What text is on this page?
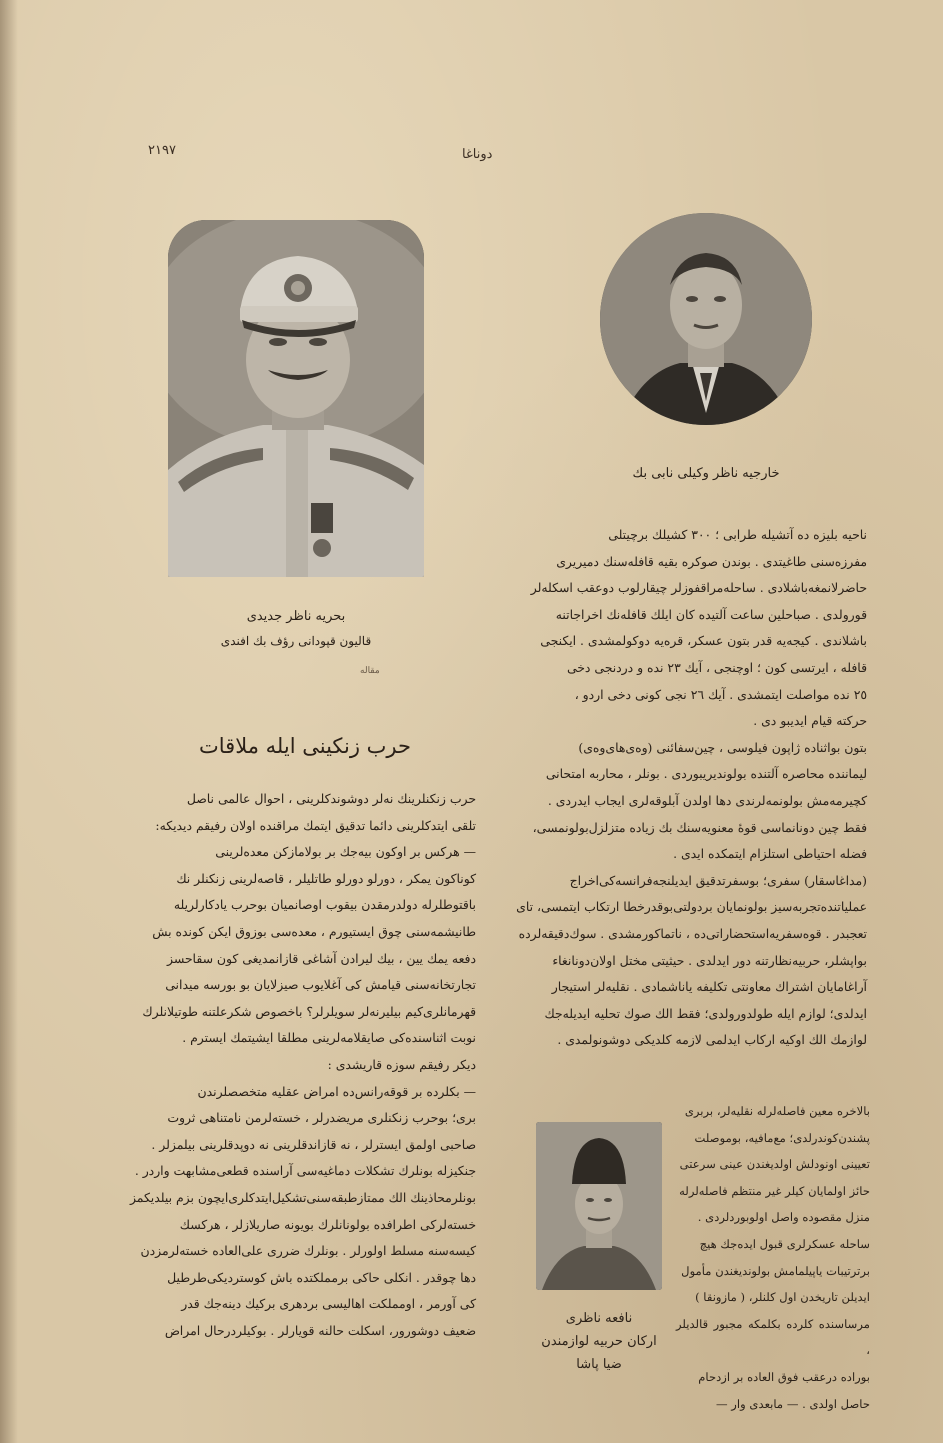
۲۱۹۷	دوناغا
بحریه ناظر جدیدی
قالیون قپودانی رؤف بك افندی
خارجیه ناظر وکیلی نابی بك
مقاله
حرب زنکینی ایله ملاقات

حرب زنکنلرینك نه‌لر دوشوندکلرینی ، احوال عالمی ناصل

تلقی ایتدکلرینی دائما تدقیق ایتمك مراقنده اولان رفیقم دیدیکه:

— هرکس بر اوکون بیه‌جك بر بولامازکن معده‌لرینی

کوناکون یمکر ، دورلو دورلو طاتلیلر ، قاصه‌لرینی زنکنلر نك

باقتوطلرله دولدرمقدن بیقوب اوصانمیان بوحرب یادکارلریله

طانیشمه‌سنی چوق ایستیورم ، معده‌سی بوزوق ایکن کونده بش

دفعه یمك یین ، بیك لیرادن آشاغی قازانمدیغی کون سقاحسز

تجارتخانه‌سنی قیامش کی آغلایوب صیزلایان بو بورسه میدانی

قهرمانلری‌کیم بیلیرنه‌لر سویلرلر؟ باخصوص شکرعلتنه طوتیلانلرك

نوبت اثناسنده‌کی صایقلامه‌لرینی مطلقا ایشیتمك ایسترم .

دیکر رفیقم سوزه قاریشدی :

— بکلرده بر قوقه‌رانس‌ده امراض عقلیه متخصصلرندن

بری؛ بوحرب زنکنلری مریضدرلر ، خسته‌لرمن نامتناهی ثروت

صاحبی اولمق ایسترلر ، نه قازاندقلرینی نه دوپدقلرینی بیلمزلر .

جنکیزله بونلرك تشکلات دماغیه‌سی آراسنده قطعی‌مشابهت واردر .

بونلرمحاذینك الك ممتازطبقه‌سنی‌تشکیل‌ایتدکلری‌ایچون بزم بیلدیکمز

خسته‌لرکی اطرافده بولونانلرك بویونه صاریلازلر ، هرکسك

کیسه‌سنه مسلط اولورلر . بونلرك ضرری علی‌العاده خسته‌لرمزدن

دها چوقدر . انکلی حاکی برمملکتده باش کوستردیکی‌طرطیل

کی آورمر ، اومملکت اهالیسی بردهری برکیك دینه‌جك قدر

ضعیف دوشورور، اسکلت حالنه قویارلر . بوکیلردرحال امراض

ناحیه بلیزه ده آتشیله طرابی ؛ ٣٠٠ کشیلك برچیتلی

مفرزه‌سنی طاغیتدی . بوندن صوکره بقیه قافله‌سنك دمیریری

حاضرلانمغه‌باشلادی . ساحله‌مراقفوزلر چیقارلوب دوعقب اسکله‌لر

قورولدی . صباحلین ساعت آلتیده کان ایلك قافله‌نك اخراجاتنه

باشلاندی . کیجه‌یه قدر بتون عسکر، قره‌یه دوکولمشدی . ایکنجی

قافله ، ایرتسی کون ؛ اوچنجی ، آیك ٢٣ نده و دردنجی دخی

٢٥ نده مواصلت ایتمشدی . آیك ٢٦ نجی کونی دخی اردو ،

حرکته قیام ایدیبو دی .

بتون بواثناده ژاپون فیلوسی ، چین‌سفائنی (وه‌ی‌های‌وه‌ی)

لیماننده محاصره آلتنده بولوندیریبوردی . بونلر ، محاربه امتحانی

کچیرمه‌مش بولونمه‌لرندی دها اولدن آبلوقه‌لری ایجاب ایدردی .

فقط چین دونانماسی قوهٔ معنویه‌سنك بك زیاده متزلزل‌بولونمسی،

فضله احتیاطی استلزام ایتمکده ایدی .

(مداغاسقار) سفری؛ بوسفرتدقیق ایدیلنجه‌فرانسه‌کی‌اخراج

عملیاتنده‌تجربه‌سیز بولونمایان بردولتی‌بوقدرخطا ارتکاب ایتمسی، تای

تعجبدر . قوه‌سفریه‌استحضاراتی‌ده ، ناتماکورمشدی . سوك‌دقیقه‌لرده

بواپشلر، حربیه‌نظارتنه دور ایدلدی . حیثیتی مختل اولان‌دونانغاء

آراغامایان اشتراك معاونتی تکلیفه یاناشمادی . نقلیه‌لر استیجار

ایدلدی؛ لوازم ایله طولدورولدی؛ فقط الك صوك تحلیه ایدیله‌جك

لوازمك الك اوکیه ارکاب ایدلمی لازمه کلدیکی دوشونولمدی .

نافعه ناظری
ارکان حربیه لوازمندن
ضیا پاشا

بالاخره معین فاصله‌لرله نقلیه‌لر، بربری

پشندن‌کوندرلدی؛ مع‌مافیه، بوموصلت

تعیینی اونودلش اولدیغندن عینی سرعتی

حائز اولمایان کیلر غیر منتظم فاصله‌لرله

منزل مقصوده واصل اولوبوردلردی .

ساحله عسکرلری قبول ایده‌جك هیچ

برترتیبات یاپیلمامش بولوندیغندن مأمول

ایدیلن تاریخدن اول کلنلر، ( مازونقا )

مرساسنده کلرده بکلمکه مجبور قالدیلر ،

بوراده درعقب فوق العاده بر ازدحام

حاصل اولدی . — مابعدی وار —
